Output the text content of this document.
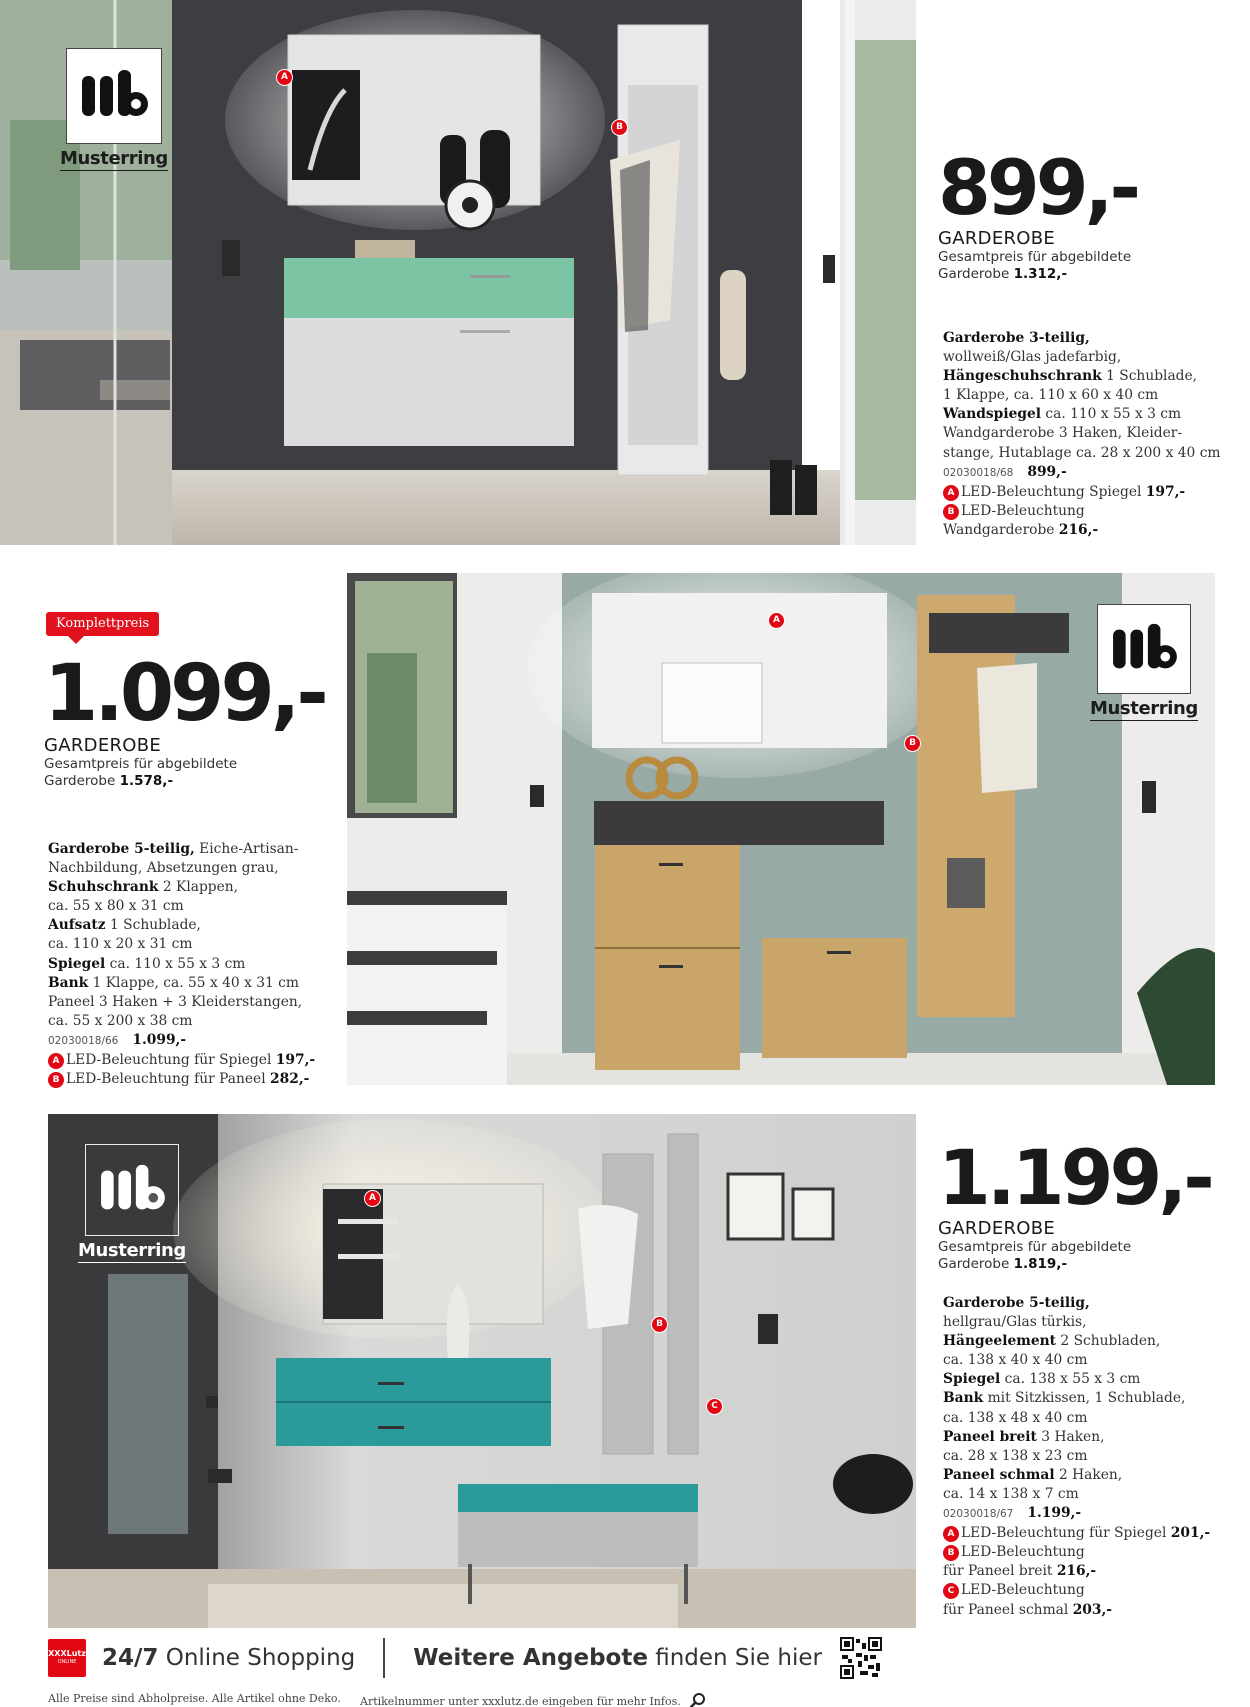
Musterring
A
B
899,-
GARDEROBE
Gesamtpreis für abgebildete
Garderobe 1.312,-
Garderobe 3-teilig,
wollweiß/Glas jadefarbig,
Hängeschuhschrank 1 Schublade,
1 Klappe, ca. 110 x 60 x 40 cm
Wandspiegel ca. 110 x 55 x 3 cm
Wandgarderobe 3 Haken, Kleider-
stange, Hutablage ca. 28 x 200 x 40 cm
02030018/68 899,-
A LED-Beleuchtung Spiegel 197,-
B LED-Beleuchtung
Wandgarderobe 216,-
Musterring
A
B
Komplettpreis
1.099,-
GARDEROBE
Gesamtpreis für abgebildete
Garderobe 1.578,-
Garderobe 5-teilig, Eiche-Artisan-
Nachbildung, Absetzungen grau,
Schuhschrank 2 Klappen,
ca. 55 x 80 x 31 cm
Aufsatz 1 Schublade,
ca. 110 x 20 x 31 cm
Spiegel ca. 110 x 55 x 3 cm
Bank 1 Klappe, ca. 55 x 40 x 31 cm
Paneel 3 Haken + 3 Kleiderstangen,
ca. 55 x 200 x 38 cm
02030018/66 1.099,-
A LED-Beleuchtung für Spiegel 197,-
B LED-Beleuchtung für Paneel 282,-
Musterring
A
B
C
1.199,-
GARDEROBE
Gesamtpreis für abgebildete
Garderobe 1.819,-
Garderobe 5-teilig,
hellgrau/Glas türkis,
Hängeelement 2 Schubladen,
ca. 138 x 40 x 40 cm
Spiegel ca. 138 x 55 x 3 cm
Bank mit Sitzkissen, 1 Schublade,
ca. 138 x 48 x 40 cm
Paneel breit 3 Haken,
ca. 28 x 138 x 23 cm
Paneel schmal 2 Haken,
ca. 14 x 138 x 7 cm
02030018/67 1.199,-
A LED-Beleuchtung für Spiegel 201,-
B LED-Beleuchtung
für Paneel breit 216,-
C LED-Beleuchtung
für Paneel schmal 203,-
XXXLutz
ONLINE 24/7 Online Shopping	Weitere Angebote finden Sie hier
Alle Preise sind Abholpreise. Alle Artikel ohne Deko. Artikelnummer unter xxxlutz.de eingeben für mehr Infos.
